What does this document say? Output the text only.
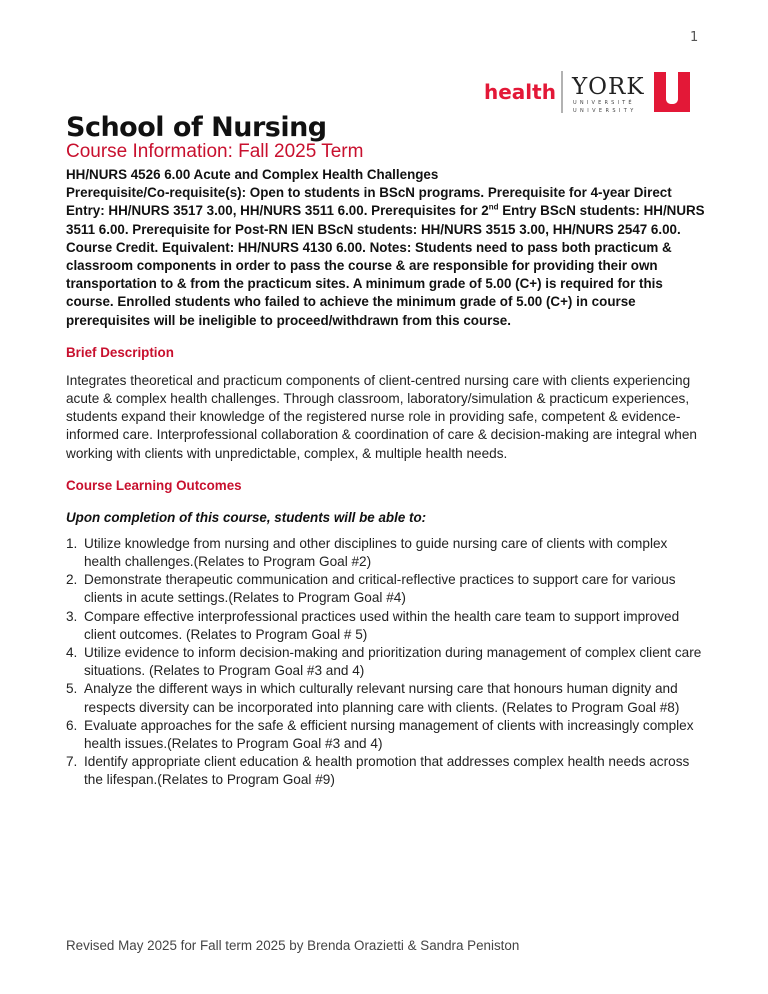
1
health YORK
UNIVERSITÉ
UNIVERSITY
School of Nursing
Course Information: Fall 2025 Term
HH/NURS 4526 6.00 Acute and Complex Health Challenges
Prerequisite/Co-requisite(s): Open to students in BScN programs. Prerequisite for 4-year Direct Entry: HH/NURS 3517 3.00, HH/NURS 3511 6.00. Prerequisites for 2nd Entry BScN students: HH/NURS 3511 6.00. Prerequisite for Post-RN IEN BScN students: HH/NURS 3515 3.00, HH/NURS 2547 6.00. Course Credit. Equivalent: HH/NURS 4130 6.00. Notes: Students need to pass both practicum & classroom components in order to pass the course & are responsible for providing their own transportation to & from the practicum sites. A minimum grade of 5.00 (C+) is required for this course. Enrolled students who failed to achieve the minimum grade of 5.00 (C+) in course prerequisites will be ineligible to proceed/withdrawn from this course.
Brief Description

Integrates theoretical and practicum components of client-centred nursing care with clients experiencing acute & complex health challenges. Through classroom, laboratory/simulation & practicum experiences, students expand their knowledge of the registered nurse role in providing safe, competent & evidence-informed care. Interprofessional collaboration & coordination of care & decision-making are integral when working with clients with unpredictable, complex, & multiple health needs.

Course Learning Outcomes

Upon completion of this course, students will be able to:

1. Utilize knowledge from nursing and other disciplines to guide nursing care of clients with complex health challenges.(Relates to Program Goal #2)
2. Demonstrate therapeutic communication and critical-reflective practices to support care for various clients in acute settings.(Relates to Program Goal #4)
3. Compare effective interprofessional practices used within the health care team to support improved client outcomes. (Relates to Program Goal # 5)
4. Utilize evidence to inform decision-making and prioritization during management of complex client care situations. (Relates to Program Goal #3 and 4)
5. Analyze the different ways in which culturally relevant nursing care that honours human dignity and respects diversity can be incorporated into planning care with clients. (Relates to Program Goal #8)
6. Evaluate approaches for the safe & efficient nursing management of clients with increasingly complex health issues.(Relates to Program Goal #3 and 4)
7. Identify appropriate client education & health promotion that addresses complex health needs across the lifespan.(Relates to Program Goal #9)
Revised May 2025 for Fall term 2025 by Brenda Orazietti & Sandra Peniston
